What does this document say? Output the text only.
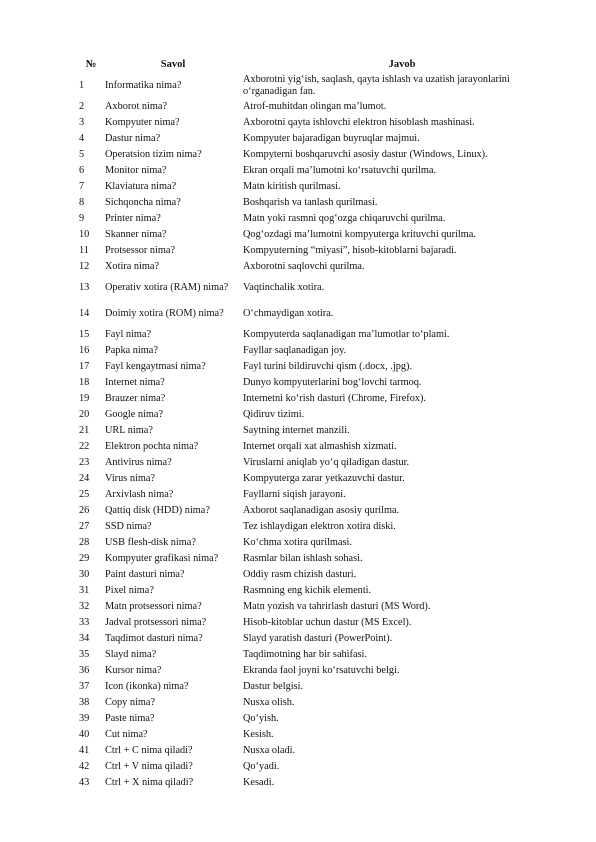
№	Savol	Javob
1	Informatika nima?	Axborotni yig‘ish, saqlash, qayta ishlash va uzatish jarayonlarini o‘rganadigan fan.
2	Axborot nima?	Atrof-muhitdan olingan ma’lumot.
3	Kompyuter nima?	Axborotni qayta ishlovchi elektron hisoblash mashinasi.
4	Dastur nima?	Kompyuter bajaradigan buyruqlar majmui.
5	Operatsion tizim nima?	Kompyterni boshqaruvchi asosiy dastur (Windows, Linux).
6	Monitor nima?	Ekran orqali ma’lumotni ko‘rsatuvchi qurilma.
7	Klaviatura nima?	Matn kiritish qurilmasi.
8	Sichqoncha nima?	Boshqarish va tanlash qurilmasi.
9	Printer nima?	Matn yoki rasmni qog‘ozga chiqaruvchi qurilma.
10	Skanner nima?	Qog‘ozdagi ma’lumotni kompyuterga krituvchi qurilma.
11	Protsessor nima?	Kompyuterning “miyasi”, hisob-kitoblarni bajaradi.
12	Xotira nima?	Axborotni saqlovchi qurilma.
13	Operativ xotira (RAM) nima?	Vaqtinchalik xotira.
14	Doimiy xotira (ROM) nima?	O‘chmaydigan xotira.
15	Fayl nima?	Kompyuterda saqlanadigan ma’lumotlar to‘plami.
16	Papka nima?	Fayllar saqlanadigan joy.
17	Fayl kengaytmasi nima?	Fayl turini bildiruvchi qism (.docx, .jpg).
18	Internet nima?	Dunyo kompyuterlarini bog‘lovchi tarmoq.
19	Brauzer nima?	Internetni ko‘rish dasturi (Chrome, Firefox).
20	Google nima?	Qidiruv tizimi.
21	URL nima?	Saytning internet manzili.
22	Elektron pochta nima?	Internet orqali xat almashish xizmati.
23	Antivirus nima?	Viruslarni aniqlab yo‘q qiladigan dastur.
24	Virus nima?	Kompyuterga zarar yetkazuvchi dastur.
25	Arxivlash nima?	Fayllarni siqish jarayoni.
26	Qattiq disk (HDD) nima?	Axborot saqlanadigan asosiy qurilma.
27	SSD nima?	Tez ishlaydigan elektron xotira diski.
28	USB flesh-disk nima?	Ko‘chma xotira qurilmasi.
29	Kompyuter grafikasi nima?	Rasmlar bilan ishlash sohasi.
30	Paint dasturi nima?	Oddiy rasm chizish dasturi.
31	Pixel nima?	Rasmning eng kichik elementi.
32	Matn protsessori nima?	Matn yozish va tahrirlash dasturi (MS Word).
33	Jadval protsessori nima?	Hisob-kitoblar uchun dastur (MS Excel).
34	Taqdimot dasturi nima?	Slayd yaratish dasturi (PowerPoint).
35	Slayd nima?	Taqdimotning har bir sahifasi.
36	Kursor nima?	Ekranda faol joyni ko‘rsatuvchi belgi.
37	Icon (ikonka) nima?	Dastur belgisi.
38	Copy nima?	Nusxa olish.
39	Paste nima?	Qo‘yish.
40	Cut nima?	Kesish.
41	Ctrl + C nima qiladi?	Nusxa oladi.
42	Ctrl + V nima qiladi?	Qo‘yadi.
43	Ctrl + X nima qiladi?	Kesadi.
